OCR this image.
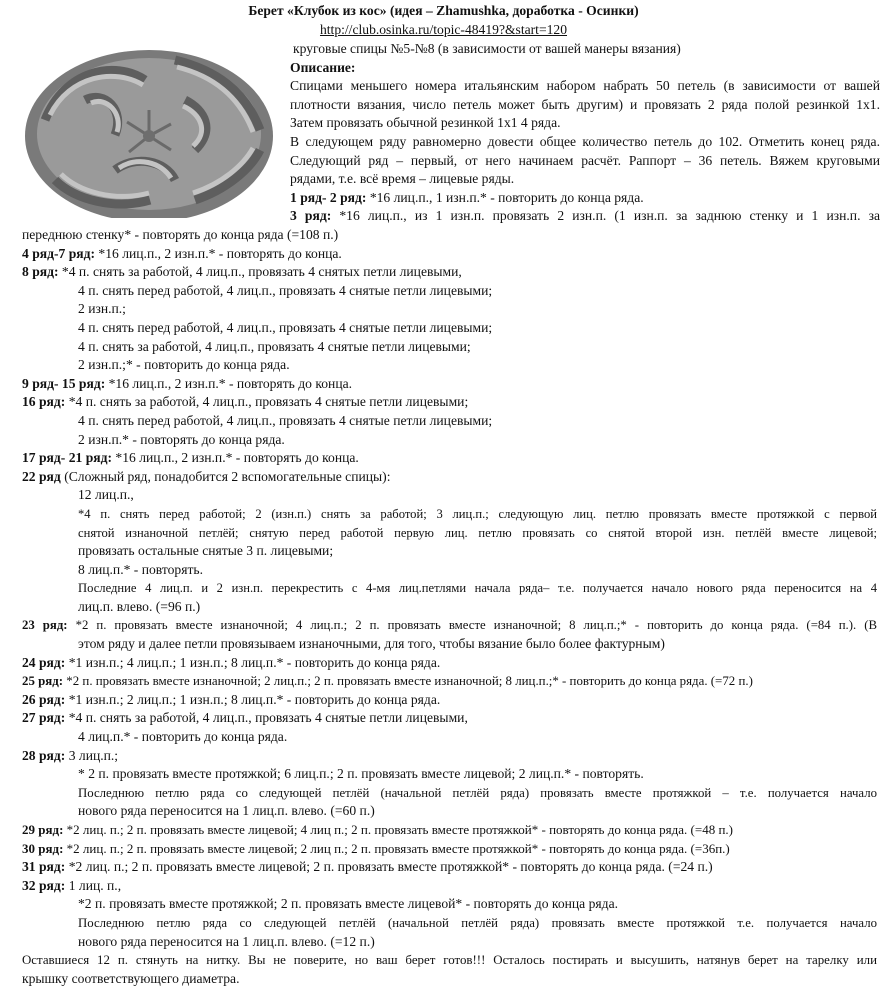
Берет «Клубок из кос» (идея – Zhamushka, доработка - Осинки)
http://club.osinka.ru/topic-48419?&start=120
круговые спицы №5-№8 (в зависимости от вашей манеры вязания)
Описание:
Спицами меньшего номера итальянским набором набрать 50 петель (в зависимости от вашей
плотности вязания, число петель может быть другим) и провязать 2 ряда полой резинкой 1х1.
Затем провязать обычной резинкой 1х1 4 ряда.
В следующем ряду равномерно довести общее количество петель до 102. Отметить конец ряда.
Следующий ряд – первый, от него начинаем расчёт. Раппорт – 36 петель. Вяжем круговыми
рядами, т.е. всё время – лицевые ряды.
1 ряд- 2 ряд: *16 лиц.п., 1 изн.п.* - повторить до конца ряда.
3 ряд: *16 лиц.п., из 1 изн.п. провязать 2 изн.п. (1 изн.п. за заднюю стенку и 1 изн.п. за
переднюю стенку* - повторять до конца ряда (=108 п.)
4 ряд-7 ряд: *16 лиц.п., 2 изн.п.* - повторять до конца.
8 ряд: *4 п. снять за работой, 4 лиц.п., провязать 4 снятых петли лицевыми,
4 п. снять перед работой, 4 лиц.п., провязать 4 снятые петли лицевыми;
2 изн.п.;
4 п. снять перед работой, 4 лиц.п., провязать 4 снятые петли лицевыми;
4 п. снять за работой, 4 лиц.п., провязать 4 снятые петли лицевыми;
2 изн.п.;* - повторить до конца ряда.
9 ряд- 15 ряд: *16 лиц.п., 2 изн.п.* - повторять до конца.
16 ряд: *4 п. снять за работой, 4 лиц.п., провязать 4 снятые петли лицевыми;
4 п. снять перед работой, 4 лиц.п., провязать 4 снятые петли лицевыми;
2 изн.п.* - повторять до конца ряда.
17 ряд- 21 ряд: *16 лиц.п., 2 изн.п.* - повторять до конца.
22 ряд (Сложный ряд, понадобится 2 вспомогательные спицы):
12 лиц.п.,
*4 п. снять перед работой; 2 (изн.п.) снять за работой; 3 лиц.п.; следующую лиц. петлю провязать вместе протяжкой с первой
снятой изнаночной петлёй; снятую перед работой первую лиц. петлю провязать со снятой второй изн. петлёй вместе лицевой;
провязать остальные снятые 3 п. лицевыми;
8 лиц.п.* - повторять.
Последние 4 лиц.п. и 2 изн.п. перекрестить с 4-мя лиц.петлями начала ряда– т.е. получается начало нового ряда переносится на 4
лиц.п. влево. (=96 п.)
23 ряд: *2 п. провязать вместе изнаночной; 4 лиц.п.; 2 п. провязать вместе изнаночной; 8 лиц.п.;* - повторить до конца ряда. (=84 п.). (В
этом ряду и далее петли провязываем изнаночными, для того, чтобы вязание было более фактурным)
24 ряд: *1 изн.п.; 4 лиц.п.; 1 изн.п.; 8 лиц.п.* - повторить до конца ряда.
25 ряд: *2 п. провязать вместе изнаночной; 2 лиц.п.; 2 п. провязать вместе изнаночной; 8 лиц.п.;* - повторить до конца ряда. (=72 п.)
26 ряд: *1 изн.п.; 2 лиц.п.; 1 изн.п.; 8 лиц.п.* - повторить до конца ряда.
27 ряд: *4 п. снять за работой, 4 лиц.п., провязать 4 снятые петли лицевыми,
4 лиц.п.* - повторить до конца ряда.
28 ряд: 3 лиц.п.;
* 2 п. провязать вместе протяжкой; 6 лиц.п.; 2 п. провязать вместе лицевой; 2 лиц.п.* - повторять.
Последнюю петлю ряда со следующей петлёй (начальной петлёй ряда) провязать вместе протяжкой – т.е. получается начало
нового ряда переносится на 1 лиц.п. влево. (=60 п.)
29 ряд: *2 лиц. п.; 2 п. провязать вместе лицевой; 4 лиц п.; 2 п. провязать вместе протяжкой* - повторять до конца ряда. (=48 п.)
30 ряд: *2 лиц. п.; 2 п. провязать вместе лицевой; 2 лиц п.; 2 п. провязать вместе протяжкой* - повторять до конца ряда. (=36п.)
31 ряд: *2 лиц. п.; 2 п. провязать вместе лицевой; 2 п. провязать вместе протяжкой* - повторять до конца ряда. (=24 п.)
32 ряд: 1 лиц. п.,
*2 п. провязать вместе протяжкой; 2 п. провязать вместе лицевой* - повторять до конца ряда.
Последнюю петлю ряда со следующей петлёй (начальной петлёй ряда) провязать вместе протяжкой т.е. получается начало
нового ряда переносится на 1 лиц.п. влево. (=12 п.)
Оставшиеся 12 п. стянуть на нитку. Вы не поверите, но ваш берет готов!!! Осталось постирать и высушить, натянув берет на тарелку или
крышку соответствующего диаметра.
